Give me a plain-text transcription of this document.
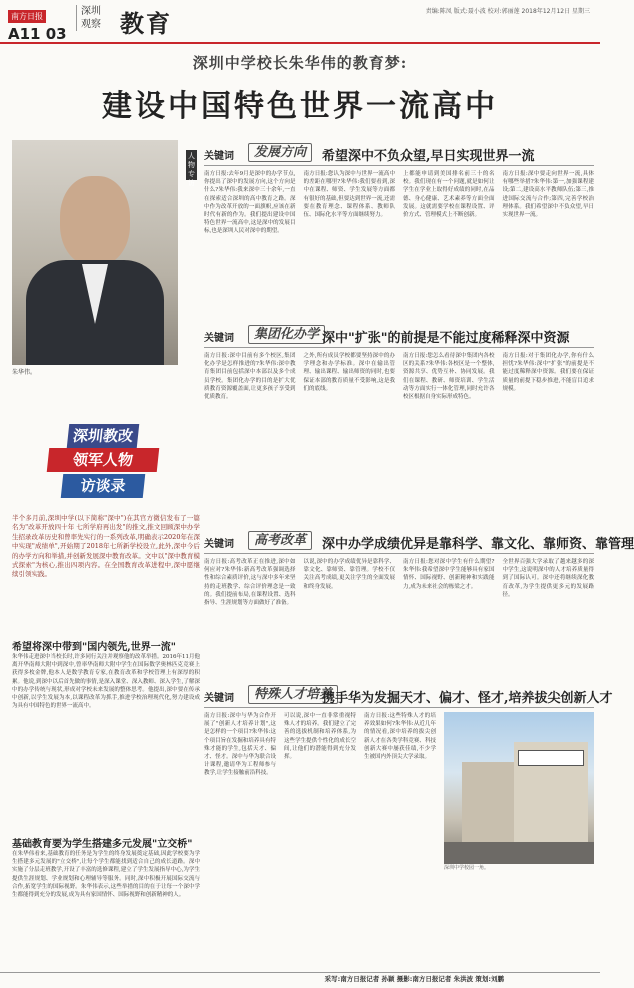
南方日报
A11 03
深圳
观察 教育	责编:陈凤 版式:聂小波 校对:郭丽莲 2018年12月12日 星期三
深圳中学校长朱华伟的教育梦:
建设中国特色世界一流高中
朱华伟。
深圳教改
领军人物
访谈录
半个多月前,深圳中学(以下简称"深中")在其官方微信发布了一篇名为"改革开放四十年 七所学府再出发"的推文,推文回顾深中办学生招录改革历史和曾率先实行的一系列改革,明确表示2020年在深中实现"成绩单",开始期了2018年七所新学校设立,此外,深中今后的办学方向和举措,并创新发展深中教育改革。文中以"深中教育模式探索"为核心,推出四项内容。在全国教育改革进程中,深中愿继续引领实践。
希望将深中带到"国内领先,世界一流"
朱华伟走进深中当校长时,许多同行关注并观察他的改革举措。2016年11月他离开华南师大附中到深中,曾率华南师大附中学生在国际数学奥林匹克竞赛上获得多枚金牌,他本人是数学教育专家,在教育改革和学校管理上有深厚的积累。他说,到深中以后首先做的事情,是深入课堂、深入教师、深入学生,了解深中的办学传统与现状,形成对学校未来发展的整体思考。他提出,深中要在传承中创新,以学生发展为本,以课程改革为抓手,推进学校治理现代化,努力建设成为具有中国特色的世界一流高中。
基础教育要为学生搭建多元发展"立交桥"
在朱华伟看来,基础教育的任务是为学生的终身发展奠定基础,因此学校要为学生搭建多元发展的"立交桥",让每个学生都能找到适合自己的成长道路。深中实施了分层走班教学,开设了丰富的选修课程,建立了学生发展指导中心,为学生提供生涯规划、学业规划和心理辅导等服务。同时,深中积极开展国际交流与合作,拓宽学生的国际视野。朱华伟表示,这些举措的目的在于让每一个深中学生都能得到充分的发展,成为具有家国情怀、国际视野和创新精神的人。
人物专访
关键词	发展方向	希望深中不负众望,早日实现世界一流
南方日报:去年9月是深中的办学节点,你提出了深中的发展方向,这个方向是什么?朱华伟:我来深中三十余年,一直在探索适合深圳的高中教育之路。深中作为改革开放的一面旗帜,应该在新时代有新的作为。我们提出建设中国特色世界一流高中,这是深中的发展目标,也是深圳人民对深中的期望。
南方日报:您认为深中与世界一流高中的差距在哪里?朱华伟:我们要看到,深中在课程、师资、学生发展等方面都有很好的基础,但要达到世界一流,还需要在教育理念、课程体系、教师队伍、国际化水平等方面继续努力。
上都能申请到美国排名前三十的名校。我们现在有一个问题,就是如何让学生在学业上取得好成绩的同时,在品德、身心健康、艺术素养等方面全面发展。这就需要学校在课程设置、评价方式、管理模式上不断创新。
南方日报:深中要走向世界一流,具体有哪些举措?朱华伟:第一,加强课程建设;第二,建设高水平教师队伍;第三,推进国际交流与合作;第四,完善学校治理体系。我们希望深中不负众望,早日实现世界一流。
关键词	集团化办学 深中"扩张"的前提是不能过度稀释深中资源
南方日报:深中目前有多个校区,集团化办学是怎样推进的?朱华伟:深中教育集团目前包括深中本部以及多个成员学校。集团化办学的目的是扩大优质教育资源覆盖面,让更多孩子享受到优质教育。
之外,所有成员学校都要坚持深中的办学理念和办学标准。深中在输出管理、输出课程、输出师资的同时,也要保证本部的教育质量不受影响,这是我们的底线。
南方日报:您怎么看待深中集团内各校区的关系?朱华伟:各校区是一个整体,资源共享、优势互补、协同发展。我们在课程、教研、师资培训、学生活动等方面实行一体化管理,同时允许各校区根据自身实际形成特色。
南方日报:对于集团化办学,你有什么担忧?朱华伟:深中"扩张"的前提是不能过度稀释深中资源。我们要在保证质量的前提下稳步推进,不能盲目追求规模。
关键词	高考改革	深中办学成绩优异是靠科学、靠文化、靠师资、靠管理
南方日报:高考改革正在推进,深中如何应对?朱华伟:新高考改革强调选择性和综合素质评价,这与深中多年来坚持的走班教学、综合评价理念是一致的。我们提前布局,在课程设置、选科指导、生涯规划等方面做好了准备。
以说,深中的办学成绩优异是靠科学、靠文化、靠师资、靠管理。学校不仅关注高考成绩,更关注学生的全面发展和终身发展。
南方日报:您对深中学生有什么期望?朱华伟:我希望深中学生能够具有家国情怀、国际视野、创新精神和实践能力,成为未来社会的栋梁之才。
全世界百强大学录取了越来越多的深中学生,这说明深中的人才培养质量得到了国际认可。深中还将继续深化教育改革,为学生提供更多元的发展路径。
关键词	特殊人才培养
携手华为发掘天才、偏才、怪才,培养拔尖创新人才
南方日报:深中与华为合作开展了"创新人才培养计划",这是怎样的一个项目?朱华伟:这个项目旨在发掘和培养具有特殊才能的学生,包括天才、偏才、怪才。深中与华为联合设计课程,邀请华为工程师参与教学,让学生接触前沿科技。
可以说,深中一直非常重视特殊人才的培养。我们建立了完善的选拔机制和培养体系,为这些学生提供个性化的成长空间,让他们的潜能得到充分发挥。
南方日报:这些特殊人才的培养效果如何?朱华伟:从近几年的情况看,深中培养的拔尖创新人才在各类学科竞赛、科技创新大赛中屡获佳绩,不少学生被国内外顶尖大学录取。
深圳中学校园一角。
采写:南方日报记者 孙颖 摄影:南方日报记者 朱洪波 策划:刘鹏
